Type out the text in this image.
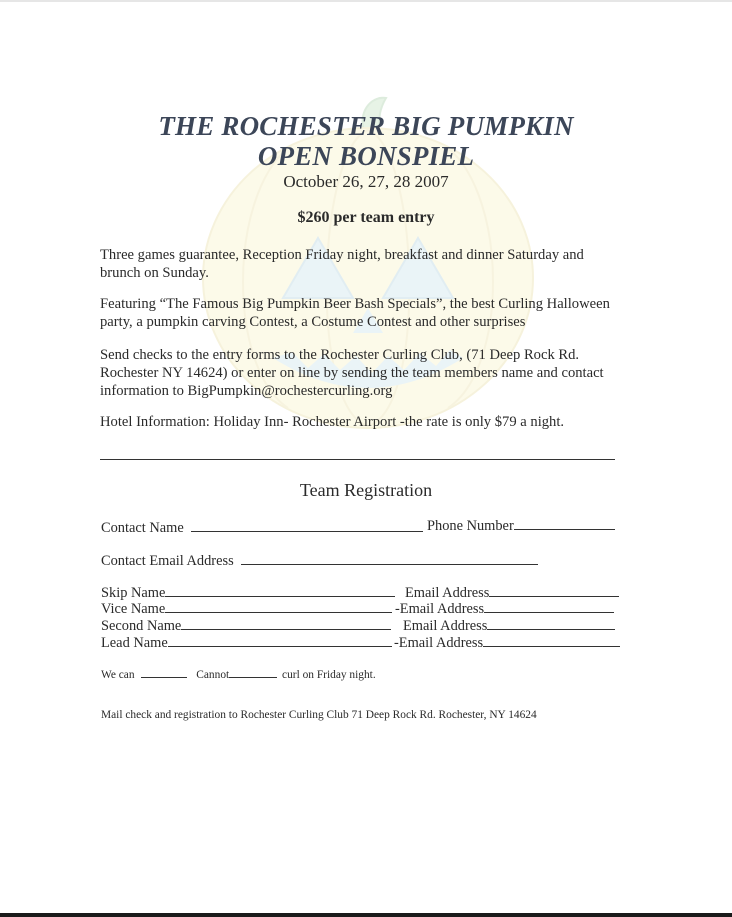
THE ROCHESTER BIG PUMPKIN
OPEN BONSPIEL
October 26, 27, 28 2007
$260 per team entry
Three games guarantee, Reception Friday night, breakfast and dinner Saturday and brunch on Sunday.
Featuring “The Famous Big Pumpkin Beer Bash Specials”, the best Curling Halloween party, a pumpkin carving Contest, a Costume Contest and other surprises
Send checks to the entry forms to the Rochester Curling Club, (71 Deep Rock Rd. Rochester NY 14624) or enter on line by sending the team members name and contact information to BigPumpkin@rochestercurling.org
Hotel Information: Holiday Inn- Rochester Airport -the rate is only $79 a night.
Team Registration
Contact Name	Phone Number
Contact Email Address
Skip Name	Email Address
Vice Name	-Email Address
Second Name	Email Address
Lead Name	-Email Address
We can	Cannot	curl on Friday night.
Mail check and registration to Rochester Curling Club 71 Deep Rock Rd. Rochester, NY 14624
